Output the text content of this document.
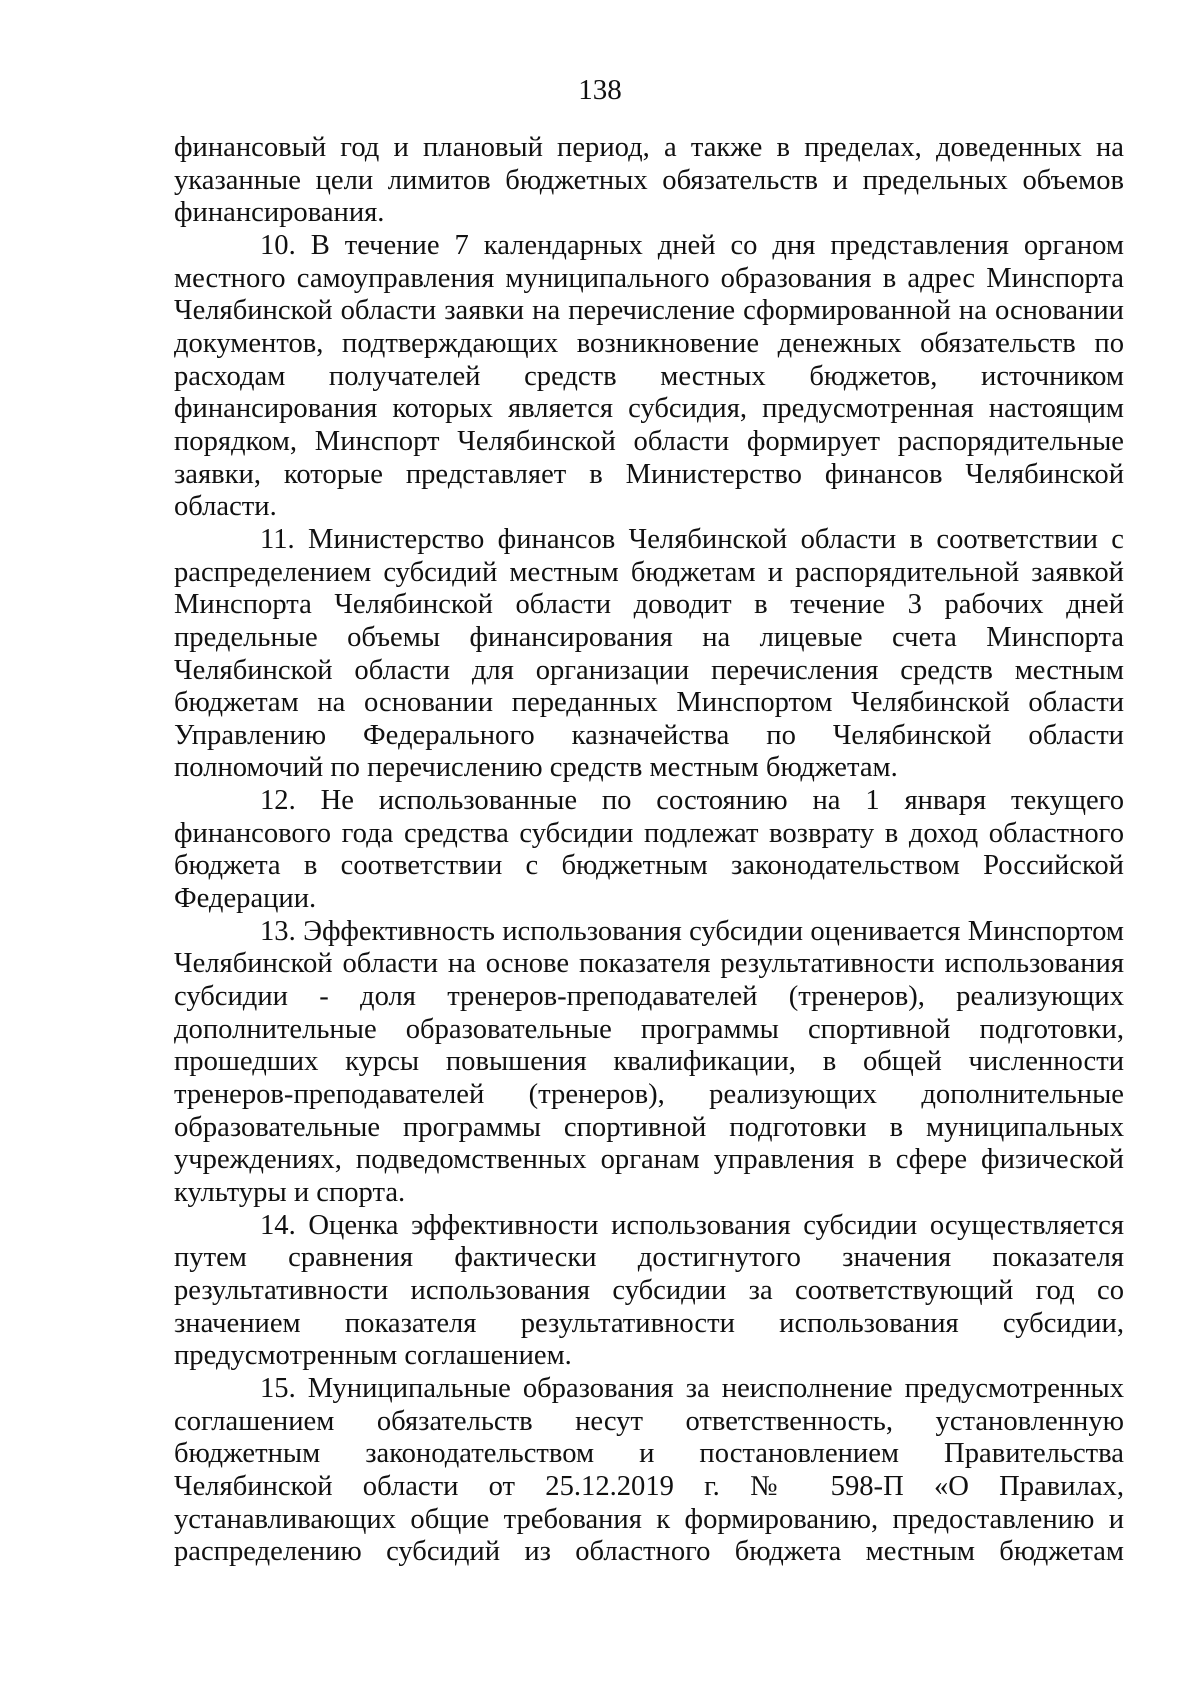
138

финансовый год и плановый период, а также в пределах, доведенных на указанные цели лимитов бюджетных обязательств и предельных объемов финансирования.

10. В течение 7 календарных дней со дня представления органом местного самоуправления муниципального образования в адрес Минспорта Челябинской области заявки на перечисление сформированной на основании документов, подтверждающих возникновение денежных обязательств по расходам получателей средств местных бюджетов, источником финансирования которых является субсидия, предусмотренная настоящим порядком, Минспорт Челябинской области формирует распорядительные заявки, которые представляет в Министерство финансов Челябинской области.

11. Министерство финансов Челябинской области в соответствии с распределением субсидий местным бюджетам и распорядительной заявкой Минспорта Челябинской области доводит в течение 3 рабочих дней предельные объемы финансирования на лицевые счета Минспорта Челябинской области для организации перечисления средств местным бюджетам на основании переданных Минспортом Челябинской области Управлению Федерального казначейства по Челябинской области полномочий по перечислению средств местным бюджетам.

12. Не использованные по состоянию на 1 января текущего финансового года средства субсидии подлежат возврату в доход областного бюджета в соответствии с бюджетным законодательством Российской Федерации.

13. Эффективность использования субсидии оценивается Минспортом Челябинской области на основе показателя результативности использования субсидии - доля тренеров-преподавателей (тренеров), реализующих дополнительные образовательные программы спортивной подготовки, прошедших курсы повышения квалификации, в общей численности тренеров-преподавателей (тренеров), реализующих дополнительные образовательные программы спортивной подготовки в муниципальных учреждениях, подведомственных органам управления в сфере физической культуры и спорта.

14. Оценка эффективности использования субсидии осуществляется путем сравнения фактически достигнутого значения показателя результативности использования субсидии за соответствующий год со значением показателя результативности использования субсидии, предусмотренным соглашением.

15. Муниципальные образования за неисполнение предусмотренных соглашением обязательств несут ответственность, установленную бюджетным законодательством и постановлением Правительства Челябинской области от 25.12.2019 г. № 598-П «О Правилах, устанавливающих общие требования к формированию, предоставлению и распределению субсидий из областного бюджета местным бюджетам
